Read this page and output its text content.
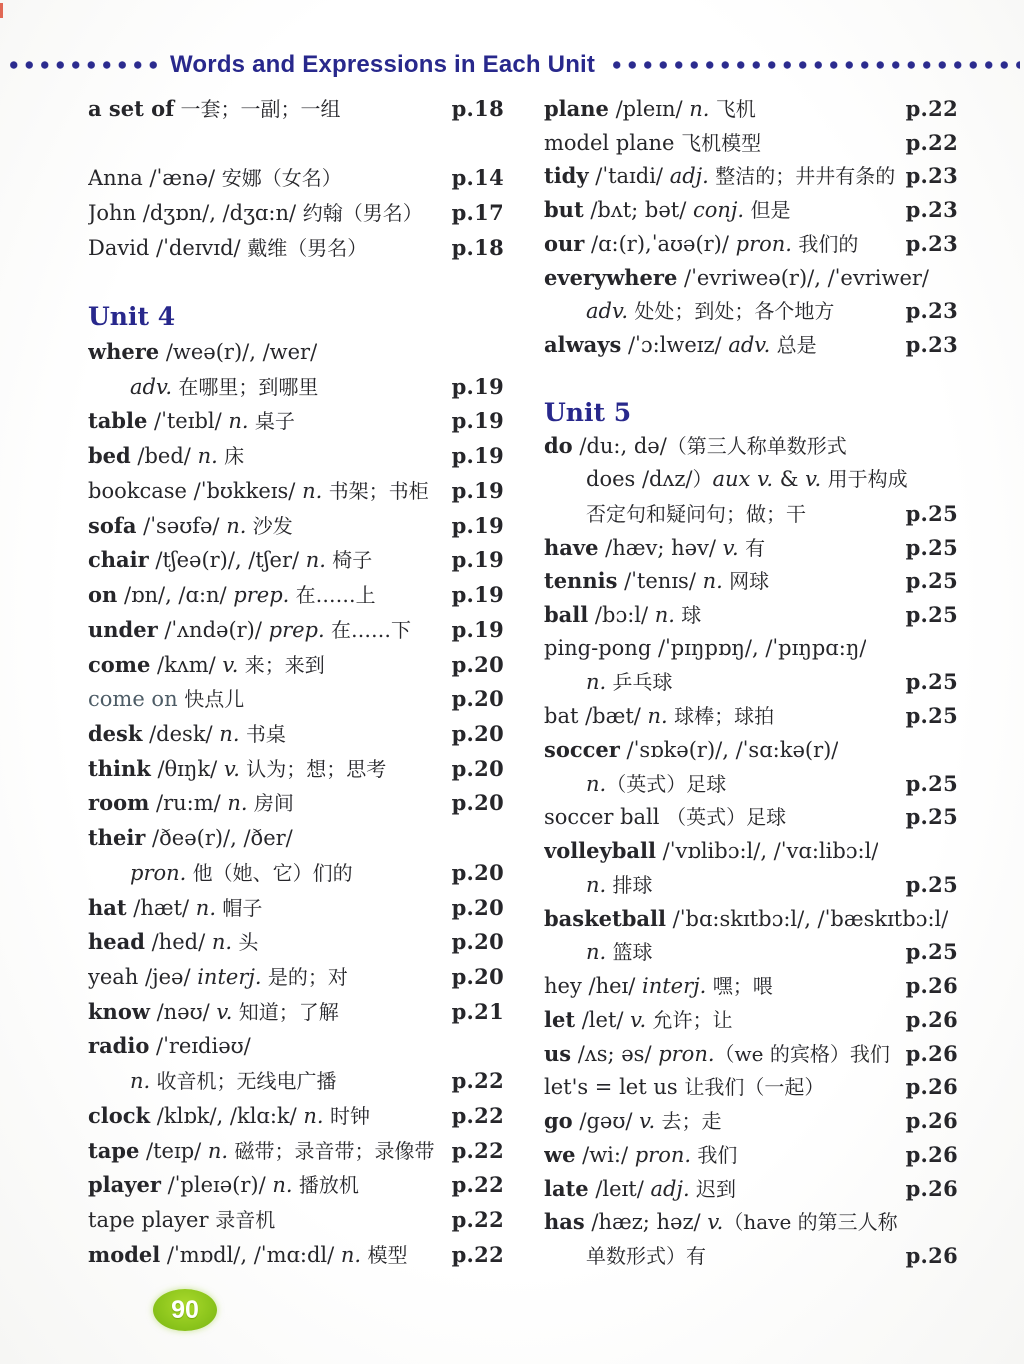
Words and Expressions in Each Unit
a set of 一套；一副；一组	p.18
Anna /ˈænə/ 安娜（女名）	p.14
John /dʒɒn/, /dʒɑ:n/ 约翰（男名）	p.17
David /ˈdeɪvɪd/ 戴维（男名）	p.18
Unit 4
where /weə(r)/, /wer/
adv. 在哪里；到哪里	p.19
table /ˈteɪbl/ n. 桌子	p.19
bed /bed/ n. 床	p.19
bookcase /ˈbʊkkeɪs/ n. 书架；书柜	p.19
sofa /ˈsəʊfə/ n. 沙发	p.19
chair /tʃeə(r)/, /tʃer/ n. 椅子	p.19
on /ɒn/, /ɑ:n/ prep. 在……上	p.19
under /ˈʌndə(r)/ prep. 在……下	p.19
come /kʌm/ v. 来；来到	p.20
come on 快点儿	p.20
desk /desk/ n. 书桌	p.20
think /θɪŋk/ v. 认为；想；思考	p.20
room /ru:m/ n. 房间	p.20
their /ðeə(r)/, /ðer/
pron. 他（她、它）们的	p.20
hat /hæt/ n. 帽子	p.20
head /hed/ n. 头	p.20
yeah /jeə/ interj. 是的；对	p.20
know /nəʊ/ v. 知道；了解	p.21
radio /ˈreɪdiəʊ/
n. 收音机；无线电广播	p.22
clock /klɒk/, /klɑ:k/ n. 时钟	p.22
tape /teɪp/ n. 磁带；录音带；录像带 p.22
player /ˈpleɪə(r)/ n. 播放机	p.22
tape player 录音机	p.22
model /ˈmɒdl/, /ˈmɑ:dl/ n. 模型	p.22
plane /pleɪn/ n. 飞机	p.22
model plane 飞机模型	p.22
tidy /ˈtaɪdi/ adj. 整洁的；井井有条的 p.23
but /bʌt; bət/ conj. 但是	p.23
our /ɑ:(r),ˈaʊə(r)/ pron. 我们的	p.23
everywhere /ˈevriweə(r)/, /ˈevriwer/
adv. 处处；到处；各个地方	p.23
always /ˈɔ:lweɪz/ adv. 总是	p.23
Unit 5
do /du:, də/（第三人称单数形式
does /dʌz/）aux v. & v. 用于构成
否定句和疑问句；做；干	p.25
have /hæv; həv/ v. 有	p.25
tennis /ˈtenɪs/ n. 网球	p.25
ball /bɔ:l/ n. 球	p.25
ping-pong /ˈpɪŋpɒŋ/, /ˈpɪŋpɑ:ŋ/
n. 乒乓球	p.25
bat /bæt/ n. 球棒；球拍	p.25
soccer /ˈsɒkə(r)/, /ˈsɑ:kə(r)/
n.（英式）足球	p.25
soccer ball （英式）足球	p.25
volleyball /ˈvɒlibɔ:l/, /ˈvɑ:libɔ:l/
n. 排球	p.25
basketball /ˈbɑ:skɪtbɔ:l/, /ˈbæskɪtbɔ:l/
n. 篮球	p.25
hey /heɪ/ interj. 嘿；喂	p.26
let /let/ v. 允许；让	p.26
us /ʌs; əs/ pron.（we 的宾格）我们 p.26
let's = let us 让我们（一起）	p.26
go /gəʊ/ v. 去；走	p.26
we /wi:/ pron. 我们	p.26
late /leɪt/ adj. 迟到	p.26
has /hæz; həz/ v.（have 的第三人称
单数形式）有	p.26
90
